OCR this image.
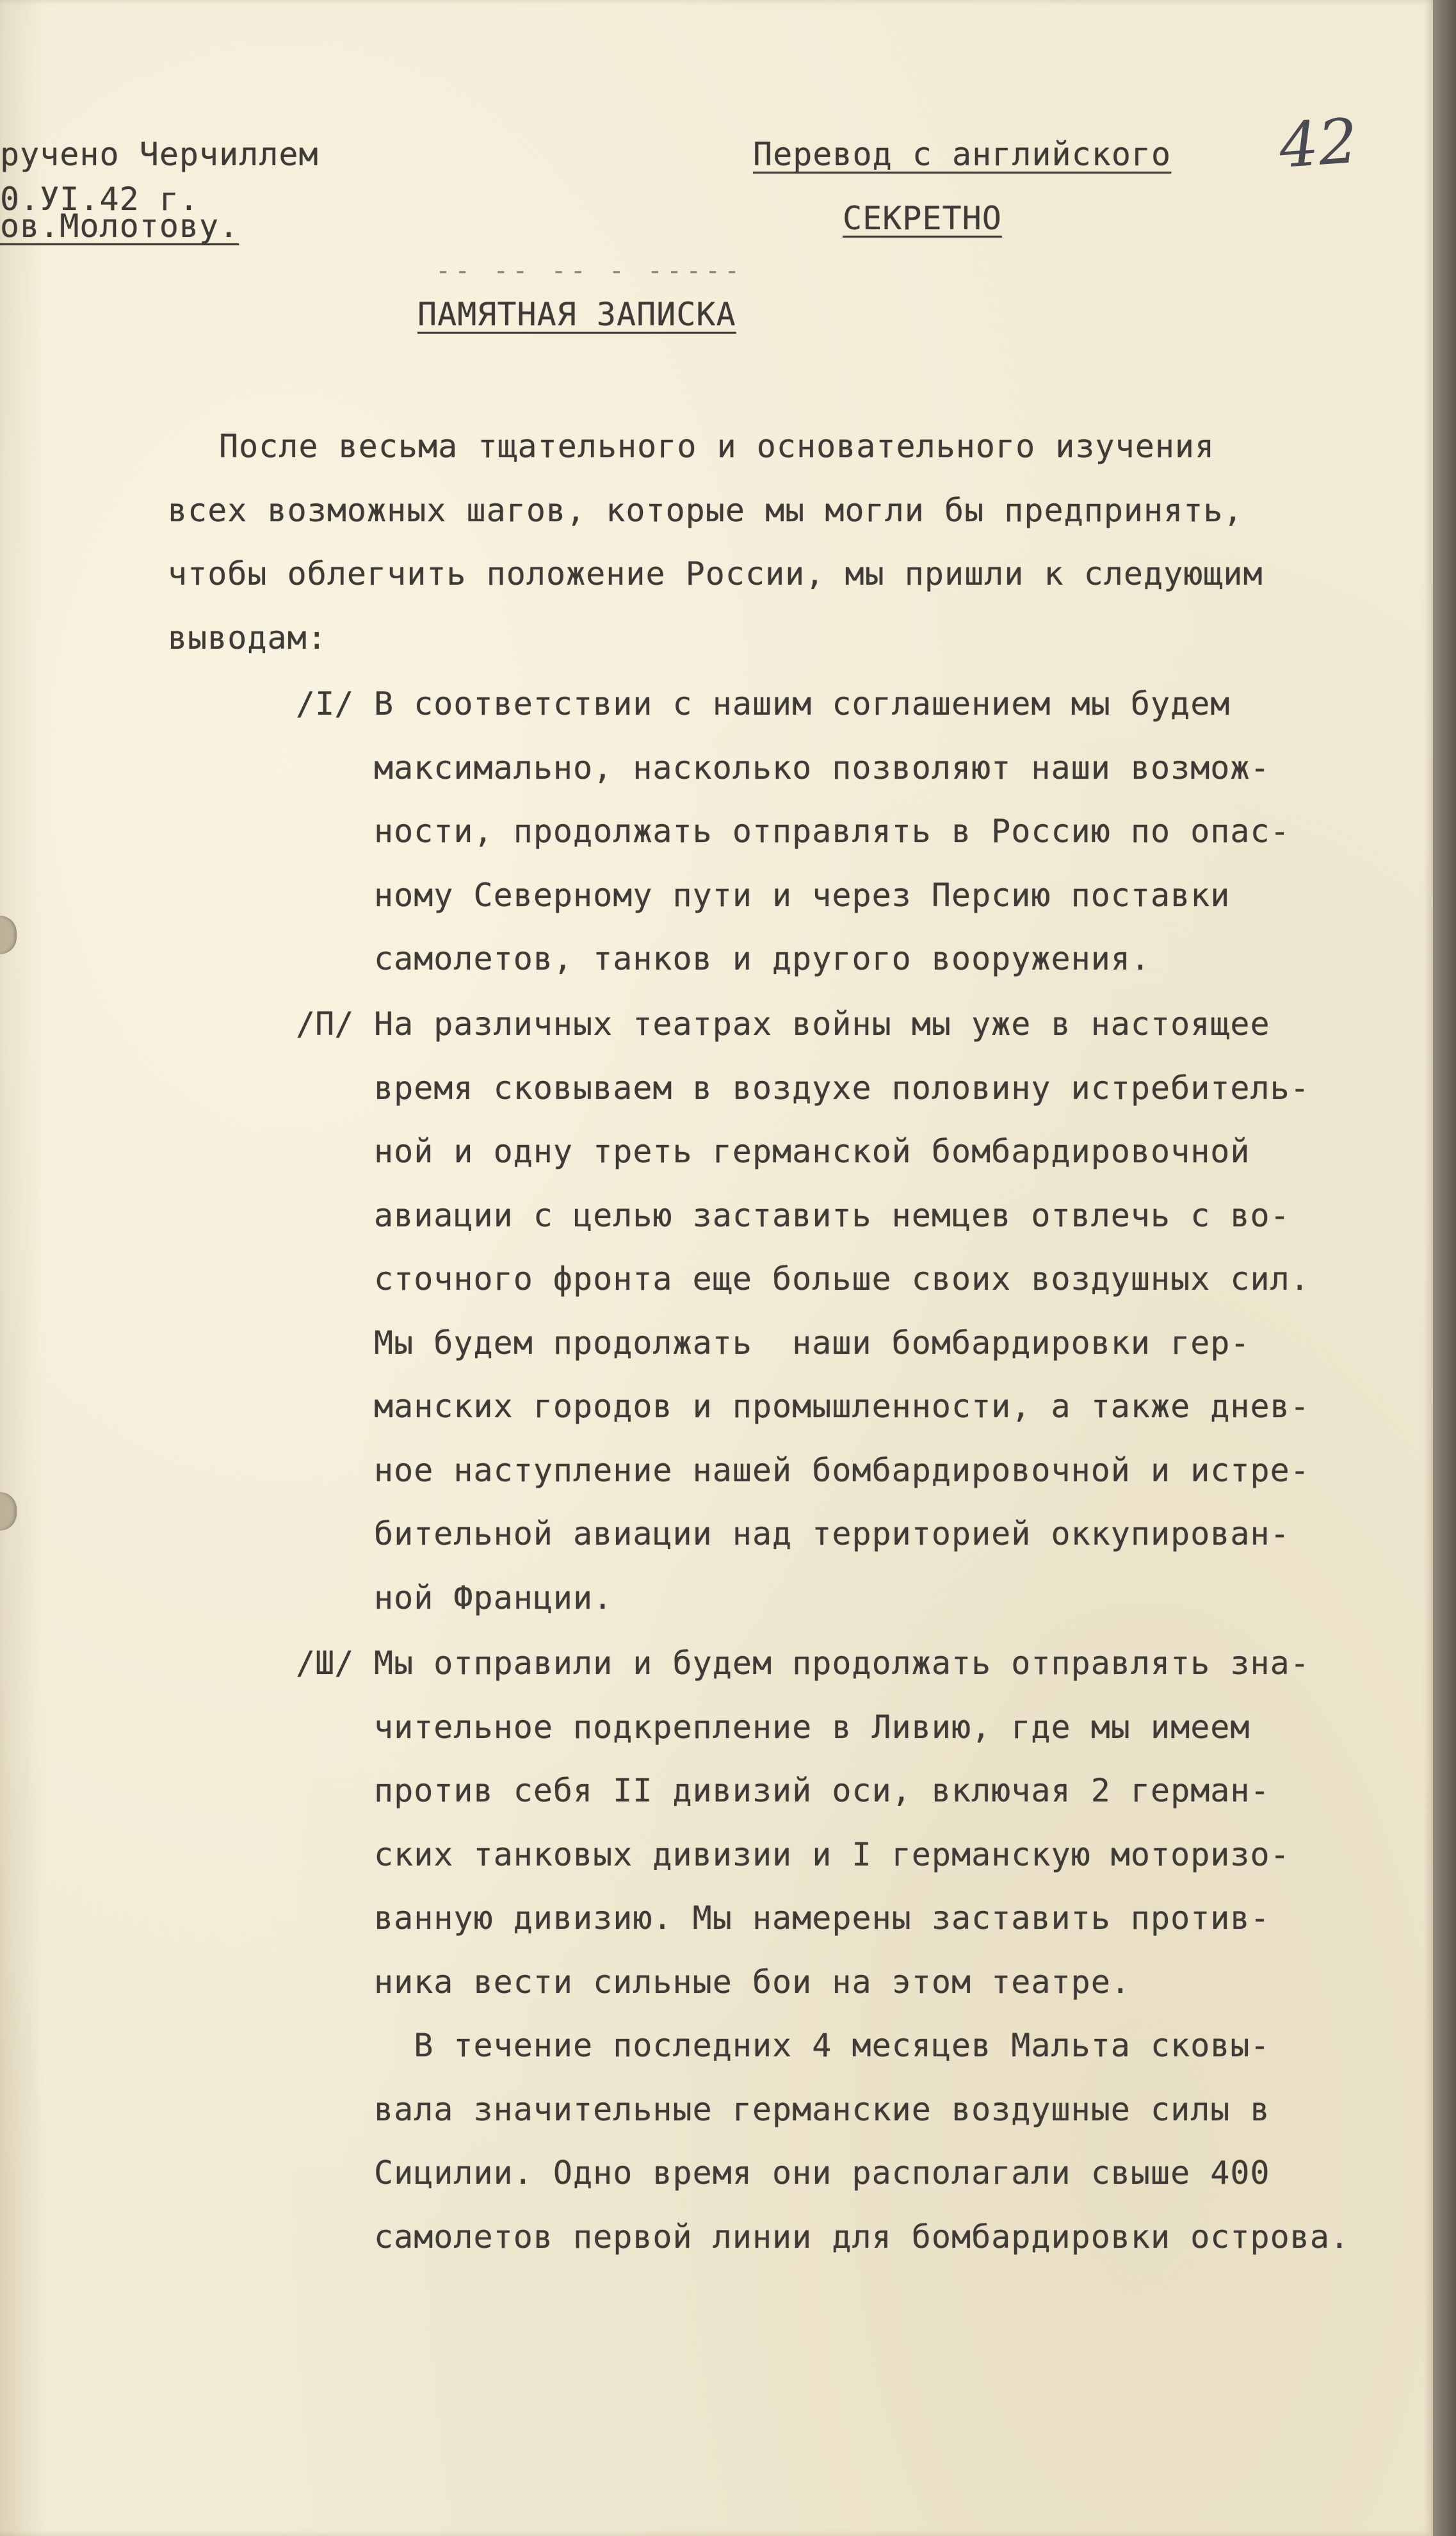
ручено Черчиллем

0.УI.42 г.

ов.Молотову.

Перевод с английского

СЕКРЕТНО

42

-- -- -- - -----

ПАМЯТНАЯ ЗАПИСКА

После весьма тщательного и основательного изучения
всех возможных шагов, которые мы могли бы предпринять,
чтобы облегчить положение России, мы пришли к следующим
выводам:

/I/ В соответствии с нашим соглашением мы будем
максимально, насколько позволяют наши возмож-
ности, продолжать отправлять в Россию по опас-
ному Северному пути и через Персию поставки
самолетов, танков и другого вооружения.

/П/ На различных театрах войны мы уже в настоящее
время сковываем в воздухе половину истребитель-
ной и одну треть германской бомбардировочной
авиации с целью заставить немцев отвлечь с во-
сточного фронта еще больше своих воздушных сил.
Мы будем продолжать  наши бомбардировки гер-
манских городов и промышленности, а также днев-
ное наступление нашей бомбардировочной и истре-
бительной авиации над территорией оккупирован-
ной Франции.

/Ш/ Мы отправили и будем продолжать отправлять зна-
чительное подкрепление в Ливию, где мы имеем
против себя II дивизий оси, включая 2 герман-
ских танковых дивизии и I германскую моторизо-
ванную дивизию. Мы намерены заставить против-
ника вести сильные бои на этом театре.
В течение последних 4 месяцев Мальта сковы-
вала значительные германские воздушные силы в
Сицилии. Одно время они располагали свыше 400
самолетов первой линии для бомбардировки острова.
